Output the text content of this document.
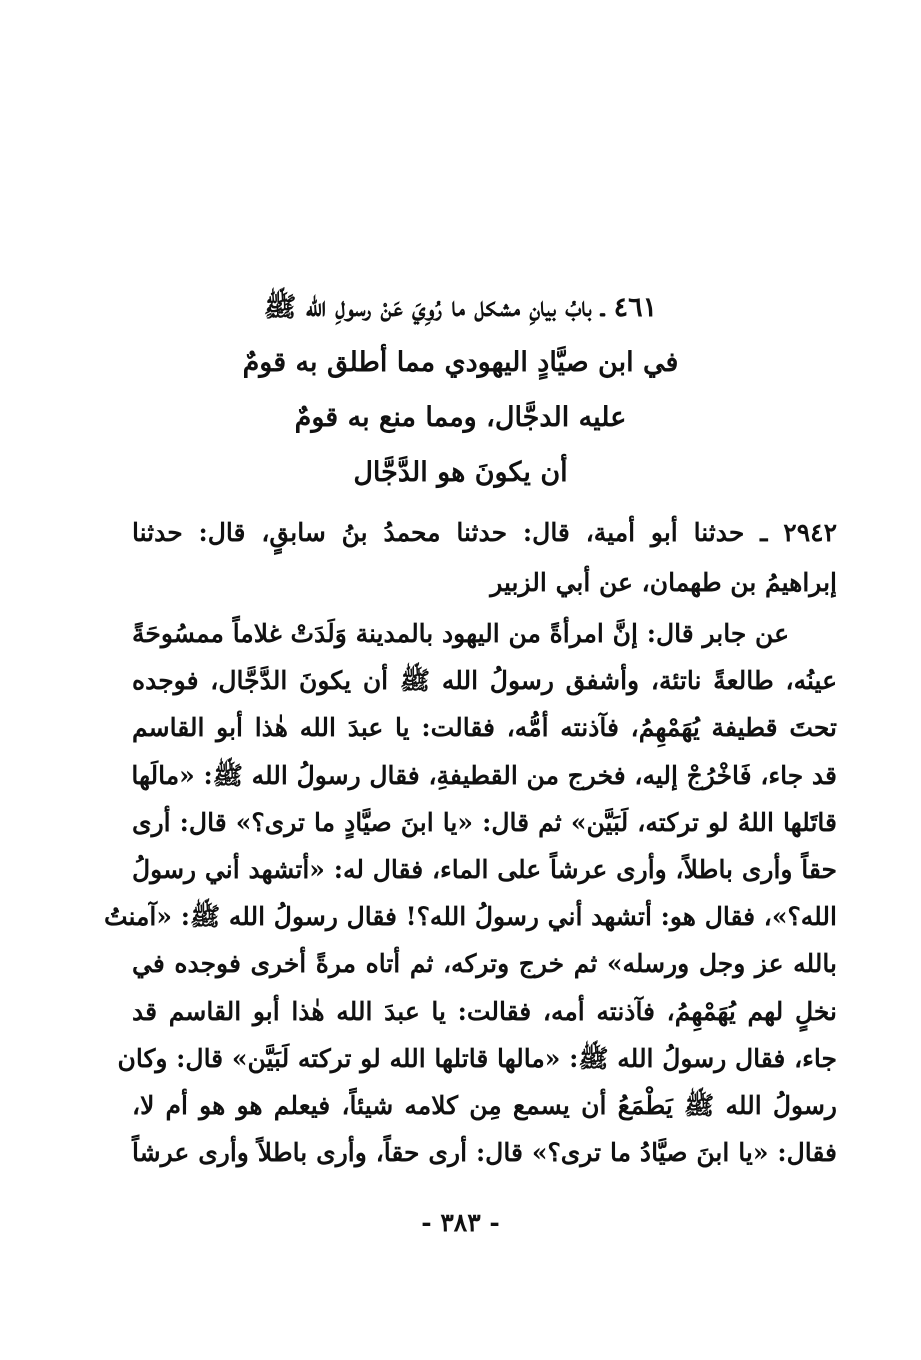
٤٦١ ـ بابُ بيانِ مشكل ما رُوِيَ عَنْ رسولِ الله ﷺ
في ابن صيَّادٍ اليهودي مما أطلق به قومٌ
عليه الدجَّال، ومما منع به قومٌ
أن يكونَ هو الدَّجَّال
٢٩٤٢ ـ حدثنا أبو أمية، قال: حدثنا محمدُ بنُ سابقٍ، قال: حدثنا
إبراهيمُ بن طهمان، عن أبي الزبير
عن جابر قال: إنَّ امرأةً من اليهود بالمدينة وَلَدَتْ غلاماً ممسُوحَةً
عينُه، طالعةً ناتئة، وأشفق رسولُ الله ﷺ أن يكونَ الدَّجَّال، فوجده
تحتَ قطيفة يُهَمْهِمُ، فآذنته أمُّه، فقالت: يا عبدَ الله هٰذا أبو القاسم
قد جاء، فَاخْرُجْ إليه، فخرج من القطيفةِ، فقال رسولُ الله ﷺ: «مالَها
قاتَلها اللهُ لو تركته، لَبَيَّن» ثم قال: «يا ابنَ صيَّادٍ ما ترى؟» قال: أرى
حقاً وأرى باطلاً، وأرى عرشاً على الماء، فقال له: «أتشهد أني رسولُ
الله؟»، فقال هو: أتشهد أني رسولُ الله؟! فقال رسولُ الله ﷺ: «آمنتُ
بالله عز وجل ورسله» ثم خرج وتركه، ثم أتاه مرةً أخرى فوجده في
نخلٍ لهم يُهَمْهِمُ، فآذنته أمه، فقالت: يا عبدَ الله هٰذا أبو القاسم قد
جاء، فقال رسولُ الله ﷺ: «مالها قاتلها الله لو تركته لَبَيَّن» قال: وكان
رسولُ الله ﷺ يَطْمَعُ أن يسمع مِن كلامه شيئاً، فيعلم هو هو أم لا،
فقال: «يا ابنَ صيَّادُ ما ترى؟» قال: أرى حقاً، وأرى باطلاً وأرى عرشاً
- ٣٨٣ -
